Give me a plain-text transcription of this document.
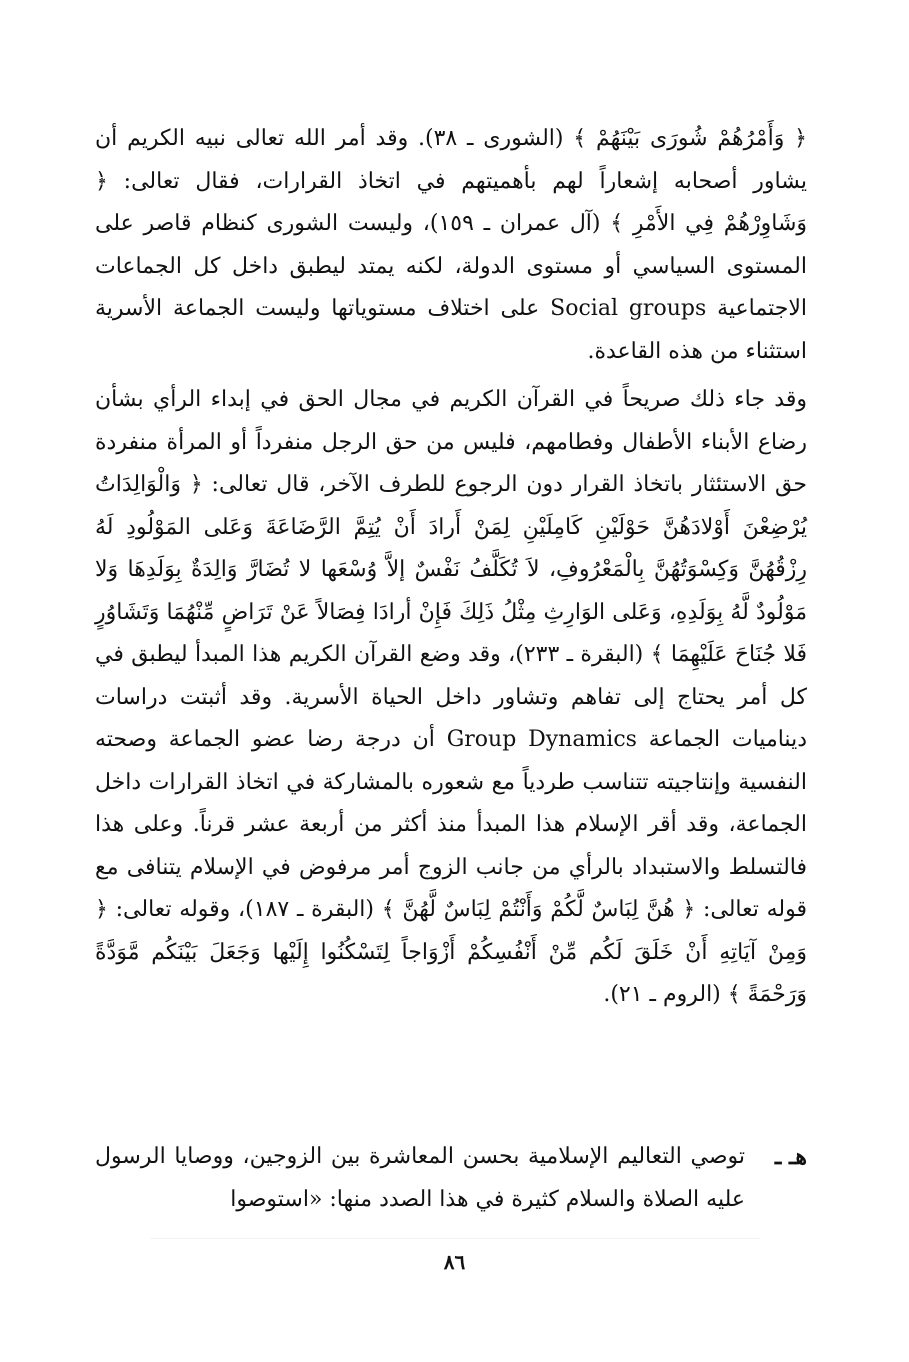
﴿ وَأَمْرُهُمْ شُورَى بَيْنَهُمْ ﴾ (الشورى ـ ٣٨). وقد أمر الله تعالى نبيه الكريم أن يشاور أصحابه إشعاراً لهم بأهميتهم في اتخاذ القرارات، فقال تعالى: ﴿ وَشَاوِرْهُمْ فِي الأَمْرِ ﴾ (آل عمران ـ ١٥٩)، وليست الشورى كنظام قاصر على المستوى السياسي أو مستوى الدولة، لكنه يمتد ليطبق داخل كل الجماعات الاجتماعية Social groups على اختلاف مستوياتها وليست الجماعة الأسرية استثناء من هذه القاعدة.

وقد جاء ذلك صريحاً في القرآن الكريم في مجال الحق في إبداء الرأي بشأن رضاع الأبناء الأطفال وفطامهم، فليس من حق الرجل منفرداً أو المرأة منفردة حق الاستئثار باتخاذ القرار دون الرجوع للطرف الآخر، قال تعالى: ﴿ وَالْوَالِدَاتُ يُرْضِعْنَ أَوْلادَهُنَّ حَوْلَيْنِ كَامِلَيْنِ لِمَنْ أَرادَ أَنْ يُتِمَّ الرَّضَاعَةَ وَعَلى المَوْلُودِ لَهُ رِزْقُهُنَّ وَكِسْوَتُهُنَّ بِالْمَعْرُوفِ، لاَ تُكَلَّفُ نَفْسٌ إلاَّ وُسْعَها لا تُضَارَّ وَالِدَةٌ بِوَلَدِهَا وَلا مَوْلُودٌ لَّهُ بِوَلَدِهِ، وَعَلى الوَارِثِ مِثْلُ ذَلِكَ فَإِنْ أرادَا فِصَالاً عَنْ تَرَاضٍ مِّنْهُمَا وَتَشَاوُرٍ فَلا جُنَاحَ عَلَيْهِمَا ﴾ (البقرة ـ ٢٣٣)، وقد وضع القرآن الكريم هذا المبدأ ليطبق في كل أمر يحتاج إلى تفاهم وتشاور داخل الحياة الأسرية. وقد أثبتت دراسات ديناميات الجماعة Group Dynamics أن درجة رضا عضو الجماعة وصحته النفسية وإنتاجيته تتناسب طردياً مع شعوره بالمشاركة في اتخاذ القرارات داخل الجماعة، وقد أقر الإسلام هذا المبدأ منذ أكثر من أربعة عشر قرناً. وعلى هذا فالتسلط والاستبداد بالرأي من جانب الزوج أمر مرفوض في الإسلام يتنافى مع قوله تعالى: ﴿ هُنَّ لِبَاسٌ لَّكُمْ وَأَنْتُمْ لِبَاسٌ لَّهُنَّ ﴾ (البقرة ـ ١٨٧)، وقوله تعالى: ﴿ وَمِنْ آيَاتِهِ أَنْ خَلَقَ لَكُم مِّنْ أَنْفُسِكُمْ أَزْوَاجاً لِتَسْكُنُوا إِلَيْها وَجَعَلَ بَيْنَكُم مَّوَدَّةً وَرَحْمَةً ﴾ (الروم ـ ٢١).

هـ ـ

توصي التعاليم الإسلامية بحسن المعاشرة بين الزوجين، ووصايا الرسول عليه الصلاة والسلام كثيرة في هذا الصدد منها: «استوصوا

٨٦
